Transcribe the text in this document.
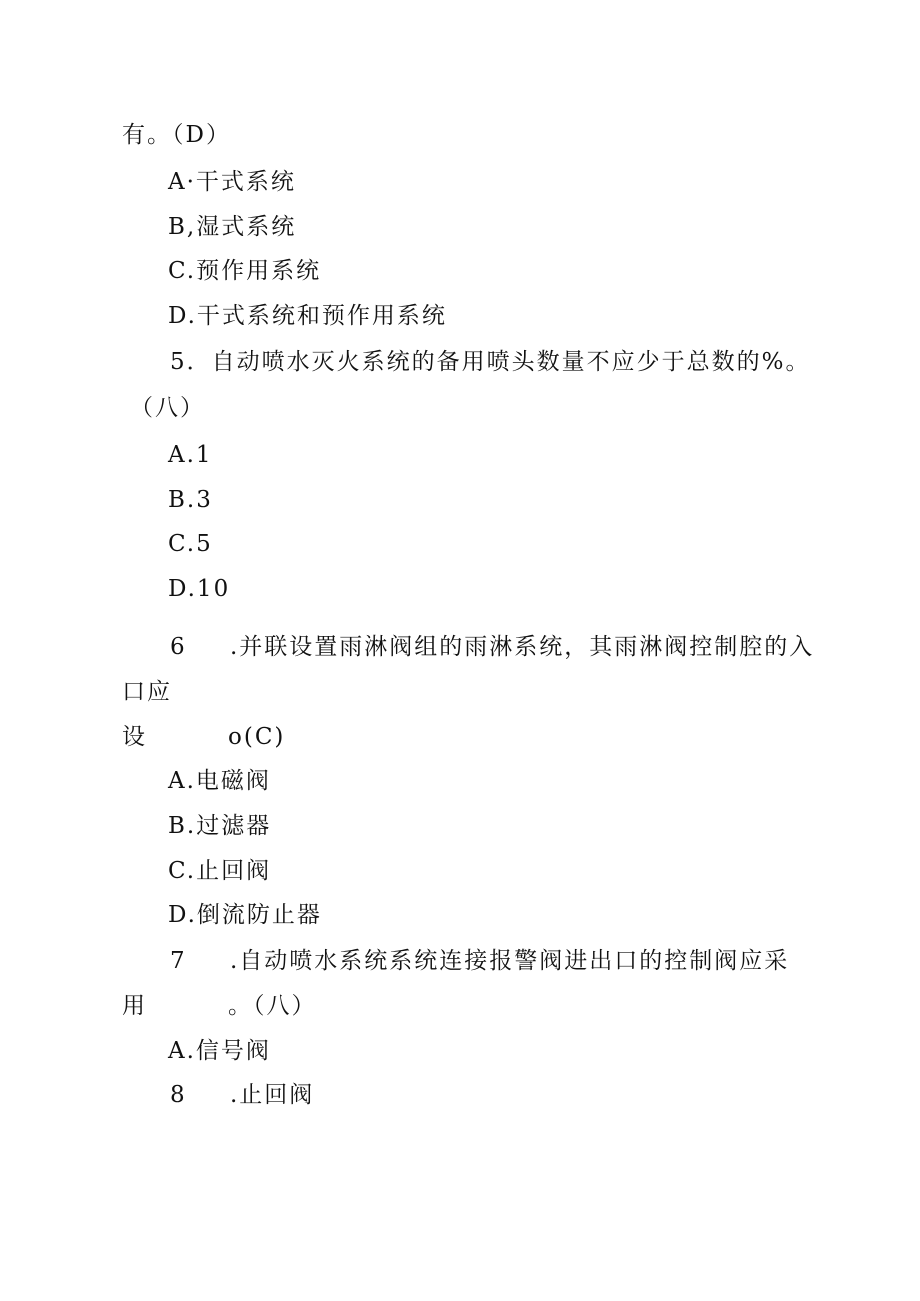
有。（D）
A·干式系统
B,湿式系统
C.预作用系统
D.干式系统和预作用系统
5．自动喷水灭火系统的备用喷头数量不应少于总数的%。
（八）
A.1
B.3
C.5
D.10
6 .并联设置雨淋阀组的雨淋系统，其雨淋阀控制腔的入
口应
设	o(C)
A.电磁阀
B.过滤器
C.止回阀
D.倒流防止器
7 .自动喷水系统系统连接报警阀进出口的控制阀应采
用	。（八）
A.信号阀
8 .止回阀
